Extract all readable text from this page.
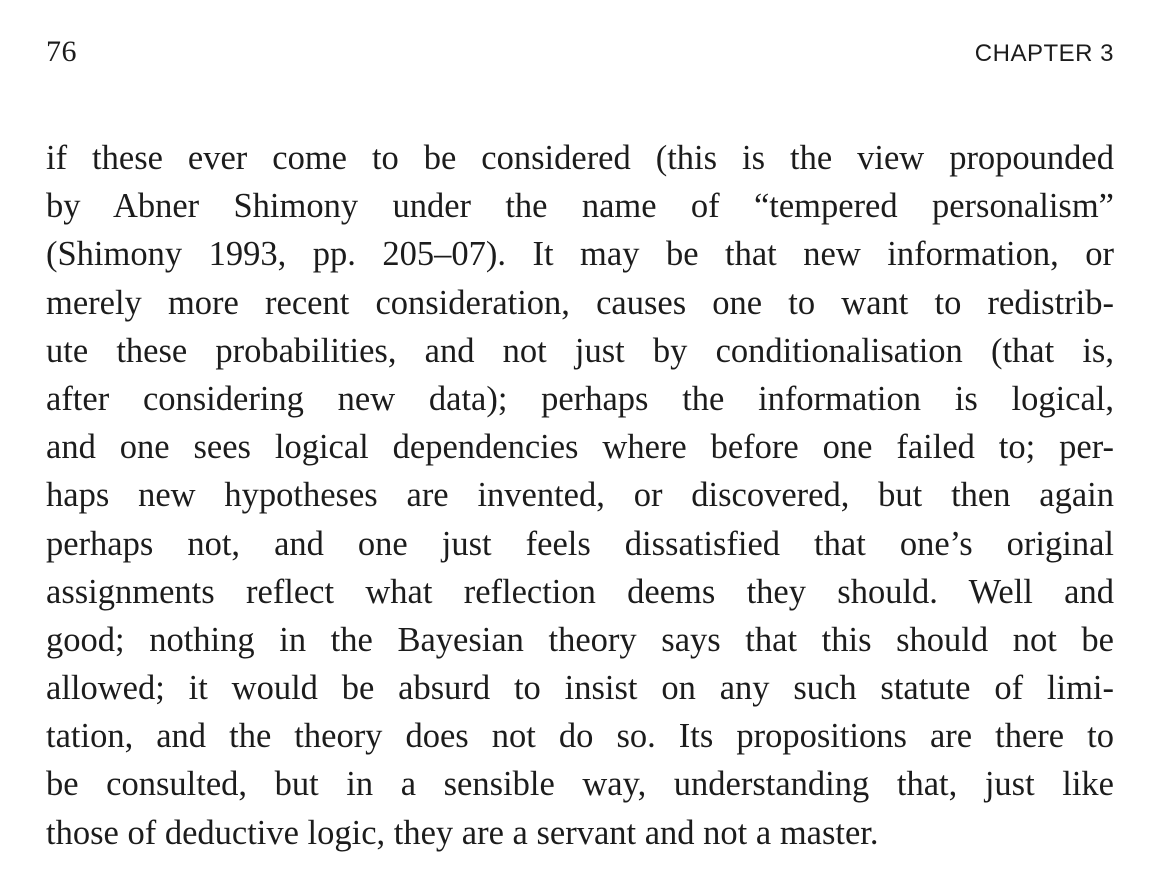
76	CHAPTER 3
if these ever come to be considered (this is the view propounded
by Abner Shimony under the name of “tempered personalism”
(Shimony 1993, pp. 205–07). It may be that new information, or
merely more recent consideration, causes one to want to redistrib-
ute these probabilities, and not just by conditionalisation (that is,
after considering new data); perhaps the information is logical,
and one sees logical dependencies where before one failed to; per-
haps new hypotheses are invented, or discovered, but then again
perhaps not, and one just feels dissatisfied that one’s original
assignments reflect what reflection deems they should. Well and
good; nothing in the Bayesian theory says that this should not be
allowed; it would be absurd to insist on any such statute of limi-
tation, and the theory does not do so. Its propositions are there to
be consulted, but in a sensible way, understanding that, just like
those of deductive logic, they are a servant and not a master.
